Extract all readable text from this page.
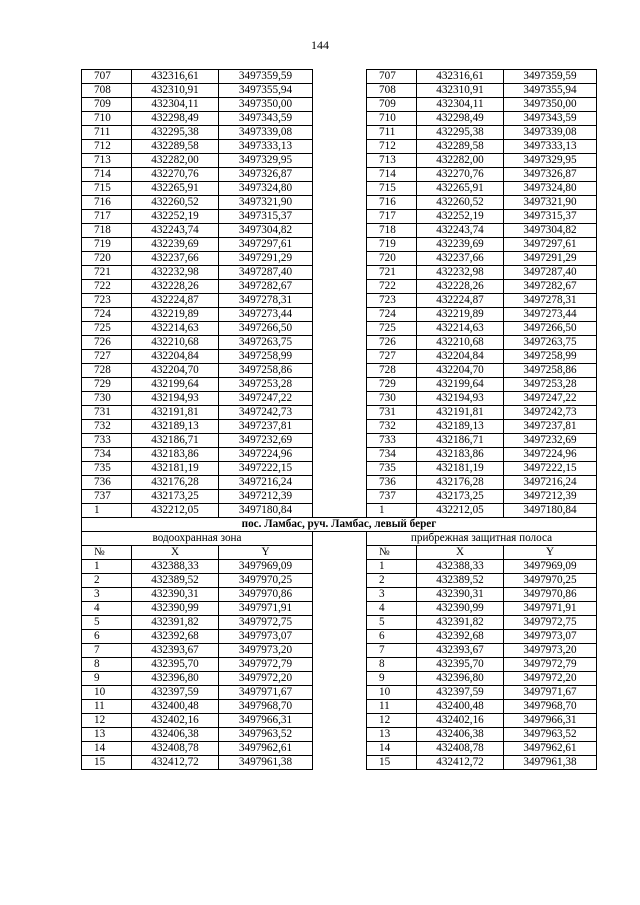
144
707	432316,61	3497359,59		707	432316,61	3497359,59
708	432310,91	3497355,94		708	432310,91	3497355,94
709	432304,11	3497350,00		709	432304,11	3497350,00
710	432298,49	3497343,59		710	432298,49	3497343,59
711	432295,38	3497339,08		711	432295,38	3497339,08
712	432289,58	3497333,13		712	432289,58	3497333,13
713	432282,00	3497329,95		713	432282,00	3497329,95
714	432270,76	3497326,87		714	432270,76	3497326,87
715	432265,91	3497324,80		715	432265,91	3497324,80
716	432260,52	3497321,90		716	432260,52	3497321,90
717	432252,19	3497315,37		717	432252,19	3497315,37
718	432243,74	3497304,82		718	432243,74	3497304,82
719	432239,69	3497297,61		719	432239,69	3497297,61
720	432237,66	3497291,29		720	432237,66	3497291,29
721	432232,98	3497287,40		721	432232,98	3497287,40
722	432228,26	3497282,67		722	432228,26	3497282,67
723	432224,87	3497278,31		723	432224,87	3497278,31
724	432219,89	3497273,44		724	432219,89	3497273,44
725	432214,63	3497266,50		725	432214,63	3497266,50
726	432210,68	3497263,75		726	432210,68	3497263,75
727	432204,84	3497258,99		727	432204,84	3497258,99
728	432204,70	3497258,86		728	432204,70	3497258,86
729	432199,64	3497253,28		729	432199,64	3497253,28
730	432194,93	3497247,22		730	432194,93	3497247,22
731	432191,81	3497242,73		731	432191,81	3497242,73
732	432189,13	3497237,81		732	432189,13	3497237,81
733	432186,71	3497232,69		733	432186,71	3497232,69
734	432183,86	3497224,96		734	432183,86	3497224,96
735	432181,19	3497222,15		735	432181,19	3497222,15
736	432176,28	3497216,24		736	432176,28	3497216,24
737	432173,25	3497212,39		737	432173,25	3497212,39
1	432212,05	3497180,84		1	432212,05	3497180,84
пос. Ламбас, руч. Ламбас, левый берег						
водоохранная зона				прибрежная защитная полоса		
№	X	Y		№	X	Y
1	432388,33	3497969,09		1	432388,33	3497969,09
2	432389,52	3497970,25		2	432389,52	3497970,25
3	432390,31	3497970,86		3	432390,31	3497970,86
4	432390,99	3497971,91		4	432390,99	3497971,91
5	432391,82	3497972,75		5	432391,82	3497972,75
6	432392,68	3497973,07		6	432392,68	3497973,07
7	432393,67	3497973,20		7	432393,67	3497973,20
8	432395,70	3497972,79		8	432395,70	3497972,79
9	432396,80	3497972,20		9	432396,80	3497972,20
10	432397,59	3497971,67		10	432397,59	3497971,67
11	432400,48	3497968,70		11	432400,48	3497968,70
12	432402,16	3497966,31		12	432402,16	3497966,31
13	432406,38	3497963,52		13	432406,38	3497963,52
14	432408,78	3497962,61		14	432408,78	3497962,61
15	432412,72	3497961,38		15	432412,72	3497961,38
